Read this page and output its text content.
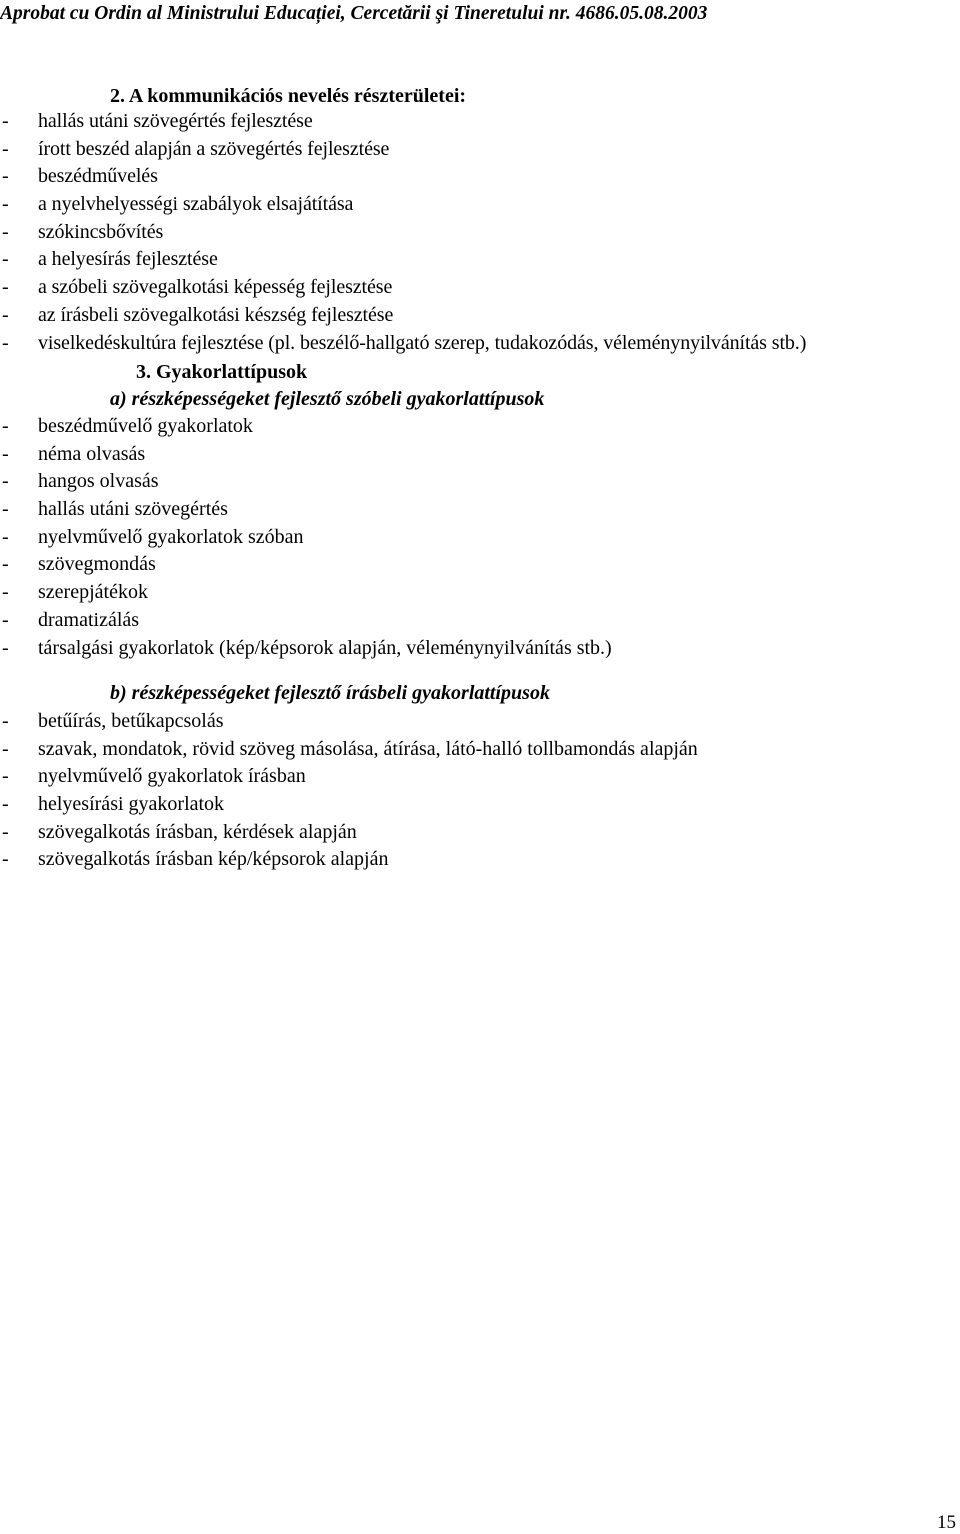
Aprobat cu Ordin al Ministrului Educației, Cercetării şi Tineretului nr. 4686.05.08.2003
2. A kommunikációs nevelés részterületei:
- hallás utáni szövegértés fejlesztése
- írott beszéd alapján a szövegértés fejlesztése
- beszédművelés
- a nyelvhelyességi szabályok elsajátítása
- szókincsbővítés
- a helyesírás fejlesztése
- a szóbeli szövegalkotási képesség fejlesztése
- az írásbeli szövegalkotási készség fejlesztése
- viselkedéskultúra fejlesztése (pl. beszélő-hallgató szerep, tudakozódás, véleménynyilvánítás stb.)
3. Gyakorlattípusok
a) részképességeket fejlesztő szóbeli gyakorlattípusok
- beszédművelő gyakorlatok
- néma olvasás
- hangos olvasás
- hallás utáni szövegértés
- nyelvművelő gyakorlatok szóban
- szövegmondás
- szerepjátékok
- dramatizálás
- társalgási gyakorlatok (kép/képsorok alapján, véleménynyilvánítás stb.)
b) részképességeket fejlesztő írásbeli gyakorlattípusok
- betűírás, betűkapcsolás
- szavak, mondatok, rövid szöveg másolása, átírása, látó-halló tollbamondás alapján
- nyelvművelő gyakorlatok írásban
- helyesírási gyakorlatok
- szövegalkotás írásban, kérdések alapján
- szövegalkotás írásban kép/képsorok alapján
15
